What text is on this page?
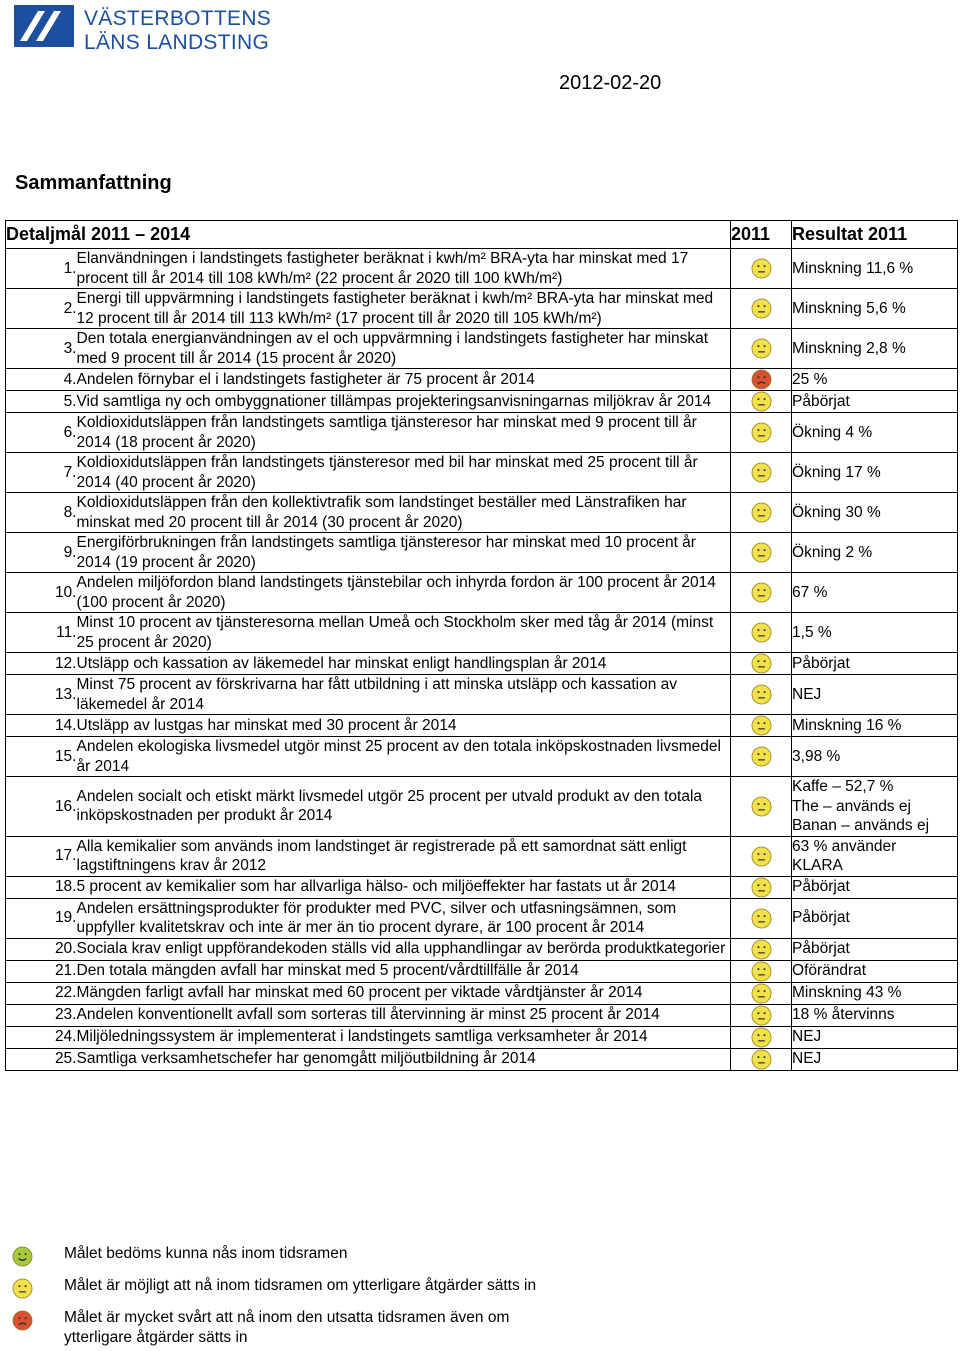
VÄSTERBOTTENS
LÄNS LANDSTING
2012-02-20
Sammanfattning
Detaljmål 2011 – 2014		2011	Resultat 2011
1.	Elanvändningen i landstingets fastigheter beräknat i kwh/m² BRA-yta har minskat med 17 procent till år 2014 till 108 kWh/m² (22 procent år 2020 till 100 kWh/m²)		Minskning 11,6 %
2.	Energi till uppvärmning i landstingets fastigheter beräknat i kwh/m² BRA-yta har minskat med 12 procent till år 2014 till 113 kWh/m² (17 procent till år 2020 till 105 kWh/m²)		Minskning 5,6 %
3.	Den totala energianvändningen av el och uppvärmning i landstingets fastigheter har minskat med 9 procent till år 2014 (15 procent år 2020)		Minskning 2,8 %
4.	Andelen förnybar el i landstingets fastigheter är 75 procent år 2014		25 %
5.	Vid samtliga ny och ombyggnationer tillämpas projekteringsanvisningarnas miljökrav år 2014		Påbörjat
6.	Koldioxidutsläppen från landstingets samtliga tjänsteresor har minskat med 9 procent till år 2014 (18 procent år 2020)		Ökning 4 %
7.	Koldioxidutsläppen från landstingets tjänsteresor med bil har minskat med 25 procent till år 2014 (40 procent år 2020)		Ökning 17 %
8.	Koldioxidutsläppen från den kollektivtrafik som landstinget beställer med Länstrafiken har minskat med 20 procent till år 2014 (30 procent år 2020)		Ökning 30 %
9.	Energiförbrukningen från landstingets samtliga tjänsteresor har minskat med 10 procent år 2014 (19 procent år 2020)		Ökning 2 %
10.	Andelen miljöfordon bland landstingets tjänstebilar och inhyrda fordon är 100 procent år 2014 (100 procent år 2020)		67 %
11.	Minst 10 procent av tjänsteresorna mellan Umeå och Stockholm sker med tåg år 2014 (minst 25 procent år 2020)		1,5 %
12.	Utsläpp och kassation av läkemedel har minskat enligt handlingsplan år 2014		Påbörjat
13.	Minst 75 procent av förskrivarna har fått utbildning i att minska utsläpp och kassation av läkemedel år 2014		NEJ
14.	Utsläpp av lustgas har minskat med 30 procent år 2014		Minskning 16 %
15.	Andelen ekologiska livsmedel utgör minst 25 procent av den totala inköpskostnaden livsmedel år 2014		3,98 %
16.	Andelen socialt och etiskt märkt livsmedel utgör 25 procent per utvald produkt av den totala inköpskostnaden per produkt år 2014		Kaffe – 52,7 %
The – används ej
Banan – används ej
17.	Alla kemikalier som används inom landstinget är registrerade på ett samordnat sätt enligt lagstiftningens krav år 2012		63 % använder
KLARA
18.	5 procent av kemikalier som har allvarliga hälso- och miljöeffekter har fastats ut år 2014		Påbörjat
19.	Andelen ersättningsprodukter för produkter med PVC, silver och utfasningsämnen, som uppfyller kvalitetskrav och inte är mer än tio procent dyrare, är 100 procent år 2014		Påbörjat
20.	Sociala krav enligt uppförandekoden ställs vid alla upphandlingar av berörda produktkategorier		Påbörjat
21.	Den totala mängden avfall har minskat med 5 procent/vårdtillfälle år 2014		Oförändrat
22.	Mängden farligt avfall har minskat med 60 procent per viktade vårdtjänster år 2014		Minskning 43 %
23.	Andelen konventionellt avfall som sorteras till återvinning är minst 25 procent år 2014		18 % återvinns
24.	Miljöledningssystem är implementerat i landstingets samtliga verksamheter år 2014		NEJ
25.	Samtliga verksamhetschefer har genomgått miljöutbildning år 2014		NEJ
Målet bedöms kunna nås inom tidsramen
Målet är möjligt att nå inom tidsramen om ytterligare åtgärder sätts in
Målet är mycket svårt att nå inom den utsatta tidsramen även om ytterligare åtgärder sätts in
